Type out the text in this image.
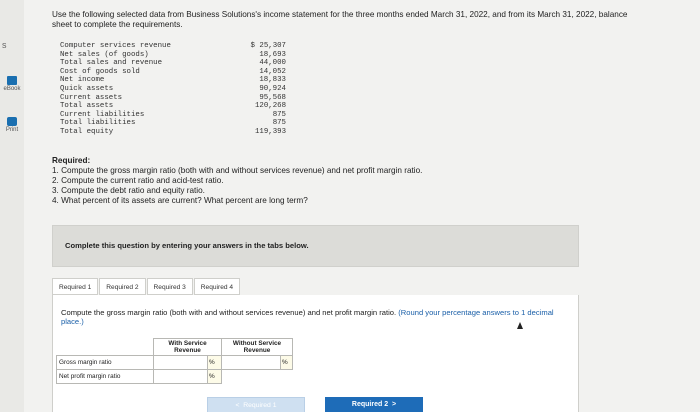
s
eBook
Print

Use the following selected data from Business Solutions's income statement for the three months ended March 31, 2022, and from its March 31, 2022, balance sheet to complete the requirements.

Computer services revenue	$ 25,307
Net sales (of goods)	18,693
Total sales and revenue	44,000
Cost of goods sold	14,052
Net income	18,833
Quick assets	90,924
Current assets	95,568
Total assets	120,268
Current liabilities	875
Total liabilities	875
Total equity	119,393
Required:
1. Compute the gross margin ratio (both with and without services revenue) and net profit margin ratio.
2. Compute the current ratio and acid-test ratio.
3. Compute the debt ratio and equity ratio.
4. What percent of its assets are current? What percent are long term?
Complete this question by entering your answers in the tabs below.
Required 1	Required 2	Required 3	Required 4

Compute the gross margin ratio (both with and without services revenue) and net profit margin ratio. (Round your percentage answers to 1 decimal place.)

	With Service Revenue		Without Service Revenue	
Gross margin ratio		%		%
Net profit margin ratio		%		
<  Required 1	Required 2  >
